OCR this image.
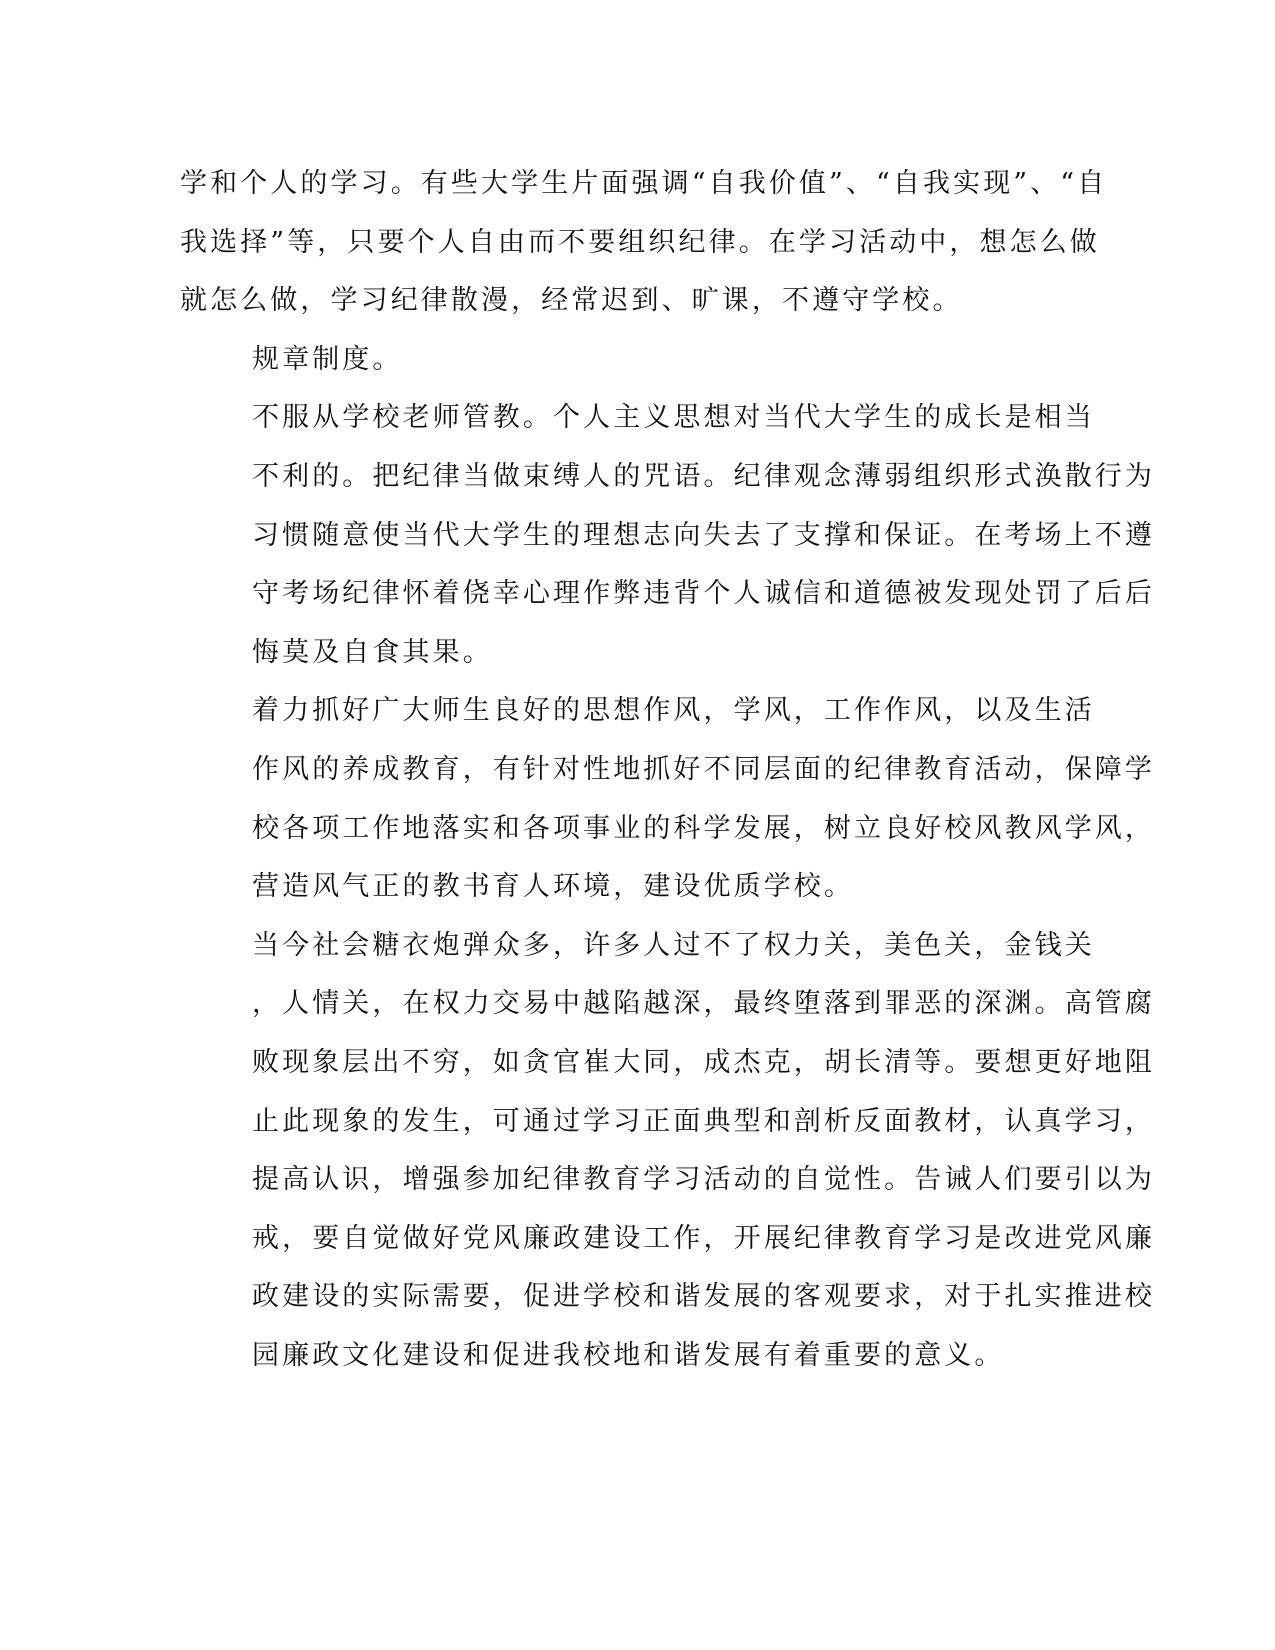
学和个人的学习。有些大学生片面强调“自我价值”、“自我实现”、“自
我选择”等，只要个人自由而不要组织纪律。在学习活动中，想怎么做
就怎么做，学习纪律散漫，经常迟到、旷课，不遵守学校。

规章制度。

不服从学校老师管教。个人主义思想对当代大学生的成长是相当
不利的。把纪律当做束缚人的咒语。纪律观念薄弱组织形式涣散行为
习惯随意使当代大学生的理想志向失去了支撑和保证。在考场上不遵
守考场纪律怀着侥幸心理作弊违背个人诚信和道德被发现处罚了后后
悔莫及自食其果。

着力抓好广大师生良好的思想作风，学风，工作作风，以及生活
作风的养成教育，有针对性地抓好不同层面的纪律教育活动，保障学
校各项工作地落实和各项事业的科学发展，树立良好校风教风学风，
营造风气正的教书育人环境，建设优质学校。

当今社会糖衣炮弹众多，许多人过不了权力关，美色关，金钱关
，人情关，在权力交易中越陷越深，最终堕落到罪恶的深渊。高管腐
败现象层出不穷，如贪官崔大同，成杰克，胡长清等。要想更好地阻
止此现象的发生，可通过学习正面典型和剖析反面教材，认真学习，
提高认识，增强参加纪律教育学习活动的自觉性。告诫人们要引以为
戒，要自觉做好党风廉政建设工作，开展纪律教育学习是改进党风廉
政建设的实际需要，促进学校和谐发展的客观要求，对于扎实推进校
园廉政文化建设和促进我校地和谐发展有着重要的意义。
